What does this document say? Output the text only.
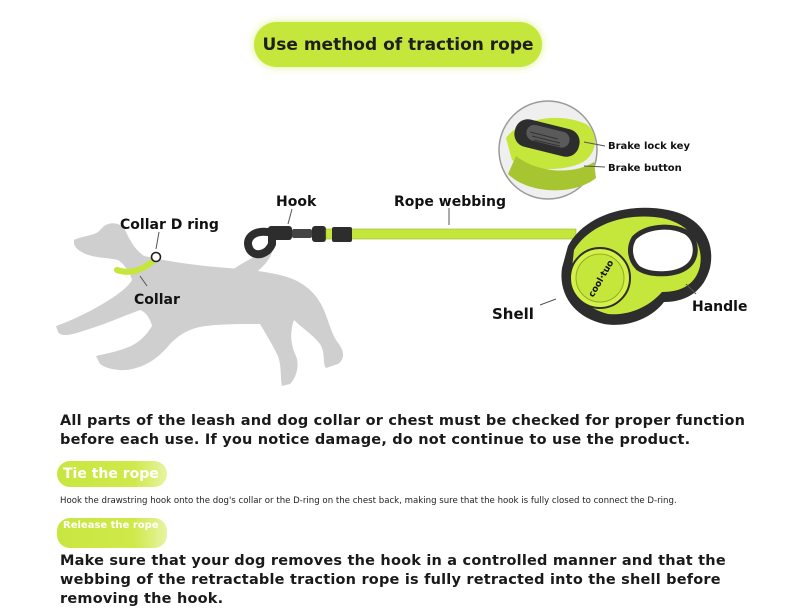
Use method of traction rope
Collar D ring
Collar
Hook	Rope webbing
cool·tuo
Shell	Handle
Brake lock key
Brake button
All parts of the leash and dog collar or chest must be checked for proper function before each use. If you notice damage, do not continue to use the product.
Tie the rope
Hook the drawstring hook onto the dog's collar or the D-ring on the chest back, making sure that the hook is fully closed to connect the D-ring.
Release the rope
Make sure that your dog removes the hook in a controlled manner and that the webbing of the retractable traction rope is fully retracted into the shell before removing the hook.
